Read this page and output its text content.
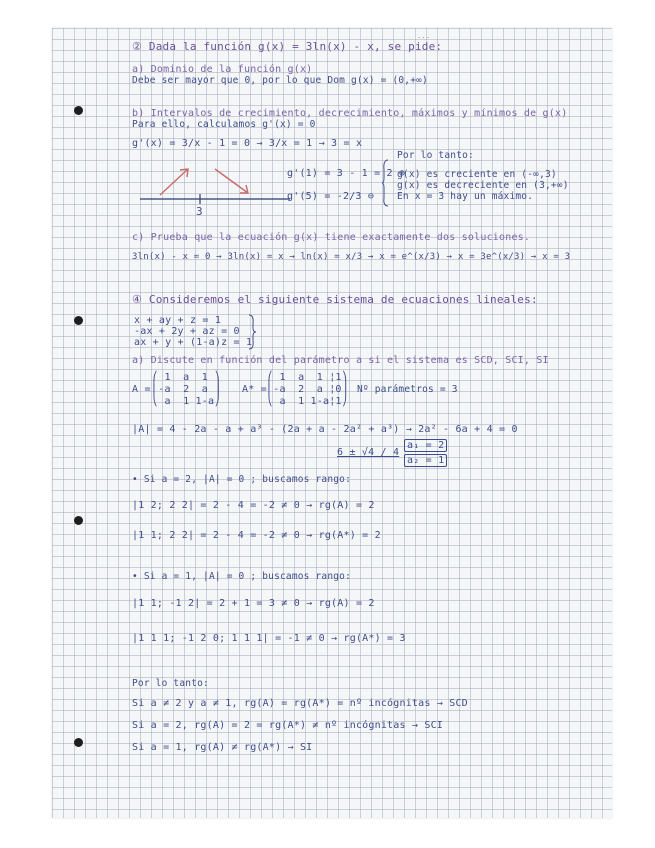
...
② Dada la función g(x) = 3ln(x) - x, se pide:
a) Dominio de la función g(x)
Debe ser mayor que 0, por lo que Dom g(x) = (0,+∞)
b) Intervalos de crecimiento, decrecimiento, máximos y mínimos de g(x)
Para ello, calculamos g'(x) = 0
g'(x) = 3/x - 1 = 0 → 3/x = 1 → 3 = x
3
g'(1) = 3 - 1 = 2 ⊕
g'(5) = -2/3 ⊖
Por lo tanto:
g(x) es creciente en (-∞,3)
g(x) es decreciente en (3,+∞)
En x = 3 hay un máximo.
c) Prueba que la ecuación g(x) tiene exactamente dos soluciones.
3ln(x) - x = 0 → 3ln(x) = x → ln(x) = x/3 → x = e^(x/3) → x = 3e^(x/3) → x = 3
④ Consideremos el siguiente sistema de ecuaciones lineales:
x + ay + z = 1
-ax + 2y + az = 0
ax + y + (1-a)z = 1
a) Discute en función del parámetro a si el sistema es SCD, SCI, SI
A =
⎛ 1  a  1 ⎞
⎜-a  2  a ⎟
⎝ a  1 1-a⎠
A* =
⎛ 1  a  1 ¦1⎞
⎜-a  2  a ¦0⎟
⎝ a  1 1-a¦1⎠
Nº parámetros = 3
|A| = 4 - 2a - a + a³ - (2a + a - 2a² + a³) → 2a² - 6a + 4 = 0
6 ± √4 / 4
a₁ = 2
a₂ = 1
• Si a = 2, |A| = 0 ; buscamos rango:
|1 2; 2 2| = 2 - 4 = -2 ≠ 0 → rg(A) = 2
|1 1; 2 2| = 2 - 4 = -2 ≠ 0 → rg(A*) = 2
• Si a = 1, |A| = 0 ; buscamos rango:
|1 1; -1 2| = 2 + 1 = 3 ≠ 0 → rg(A) = 2
|1 1 1; -1 2 0; 1 1 1| = -1 ≠ 0 → rg(A*) = 3
Por lo tanto:
Si a ≠ 2 y a ≠ 1, rg(A) = rg(A*) = nº incógnitas → SCD
Si a = 2, rg(A) = 2 = rg(A*) ≠ nº incógnitas → SCI
Si a = 1, rg(A) ≠ rg(A*) → SI
